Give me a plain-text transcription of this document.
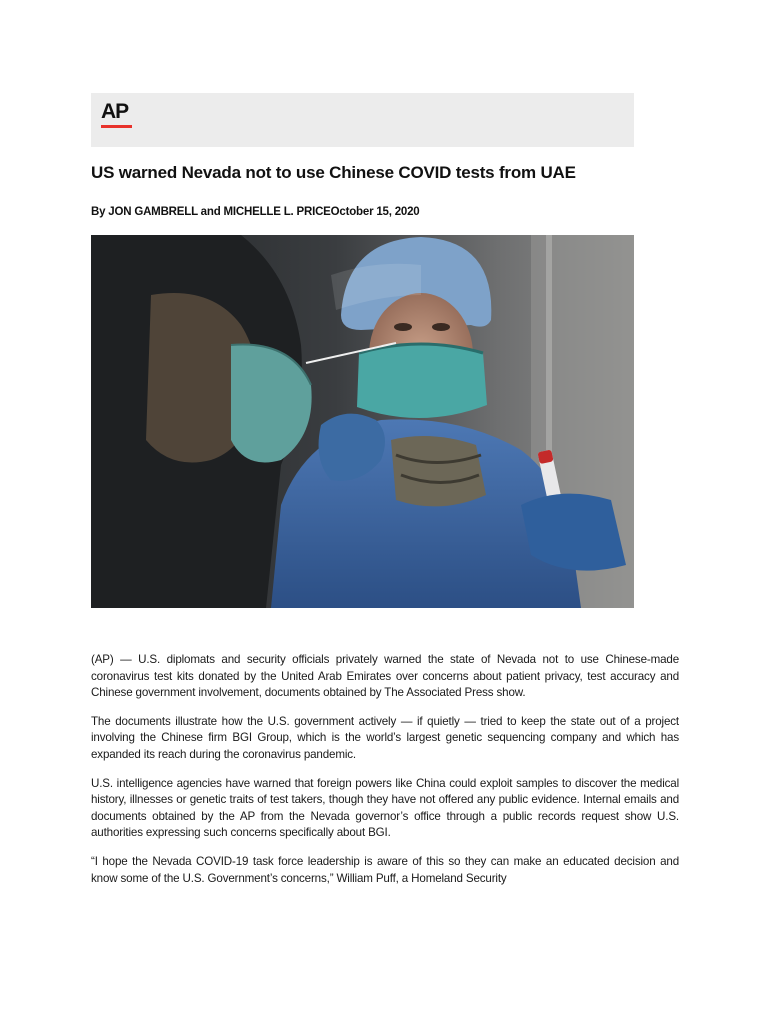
AP
US warned Nevada not to use Chinese COVID tests from UAE

By JON GAMBRELL and MICHELLE L. PRICEOctober 15, 2020

(AP) — U.S. diplomats and security officials privately warned the state of Nevada not to use Chinese-made coronavirus test kits donated by the United Arab Emirates over concerns about patient privacy, test accuracy and Chinese government involvement, documents obtained by The Associated Press show.

The documents illustrate how the U.S. government actively — if quietly — tried to keep the state out of a project involving the Chinese firm BGI Group, which is the world’s largest genetic sequencing company and which has expanded its reach during the coronavirus pandemic.

U.S. intelligence agencies have warned that foreign powers like China could exploit samples to discover the medical history, illnesses or genetic traits of test takers, though they have not offered any public evidence. Internal emails and documents obtained by the AP from the Nevada governor’s office through a public records request show U.S. authorities expressing such concerns specifically about BGI.

“I hope the Nevada COVID-19 task force leadership is aware of this so they can make an educated decision and know some of the U.S. Government’s concerns,” William Puff, a Homeland Security
